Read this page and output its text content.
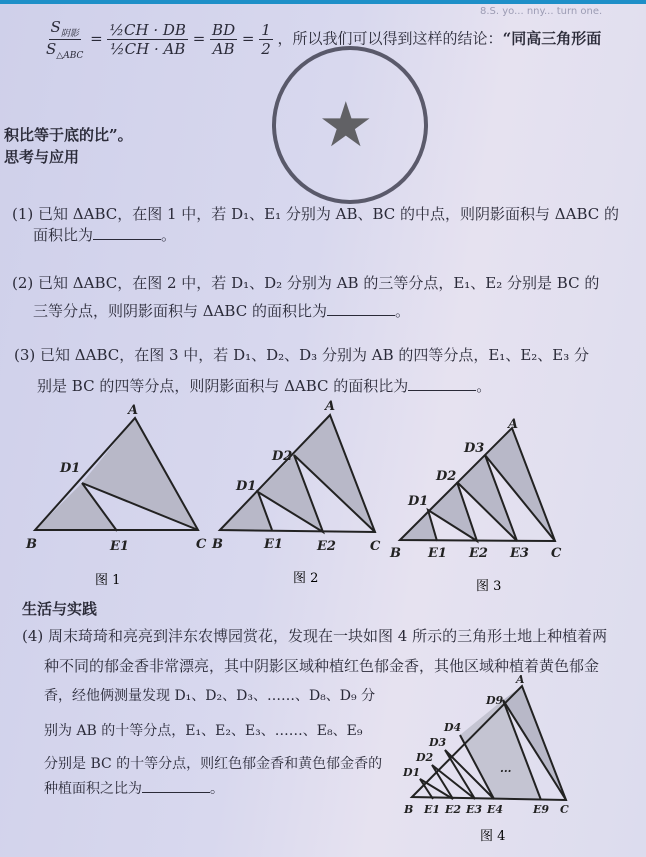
8.S. yo... nny... turn one.
$\frac{S_{阴影}}{S_{\triangle ABC}} = \frac{\text{½CH · DB}}{\text{½CH · AB}} = \frac{BD}{AB} = \frac{1}{2}$ ，所以我们可以得到这样的结论：“同高三角形面
积比等于底的比”。
思考与应用
(1) 已知 ΔABC，在图 1 中，若 D₁、E₁ 分别为 AB、BC 的中点，则阴影面积与 ΔABC 的
面积比为	。
(2) 已知 ΔABC，在图 2 中，若 D₁、D₂ 分别为 AB 的三等分点，E₁、E₂ 分别是 BC 的
三等分点，则阴影面积与 ΔABC 的面积比为	。
(3) 已知 ΔABC，在图 3 中，若 D₁、D₂、D₃ 分别为 AB 的四等分点，E₁、E₂、E₃ 分
别是 BC 的四等分点，则阴影面积与 ΔABC 的面积比为	。
★
A
D1
B	E1	C
图 1
A
D2
D1
B	E1	E2	C
图 2
A
D3
D2
D1
B E1 E2 E3 C
图 3
A
D9
D4
D3
D2
D1
B E1 E2 E3 E4	E9 C
...
图 4
生活与实践
(4) 周末琦琦和亮亮到沣东农博园赏花，发现在一块如图 4 所示的三角形土地上种植着两
种不同的郁金香非常漂亮，其中阴影区域种植红色郁金香，其他区域种植着黄色郁金
香，经他俩测量发现 D₁、D₂、D₃、……、D₈、D₉ 分
别为 AB 的十等分点，E₁、E₂、E₃、……、E₈、E₉
分别是 BC 的十等分点，则红色郁金香和黄色郁金香的
种植面积之比为	。
